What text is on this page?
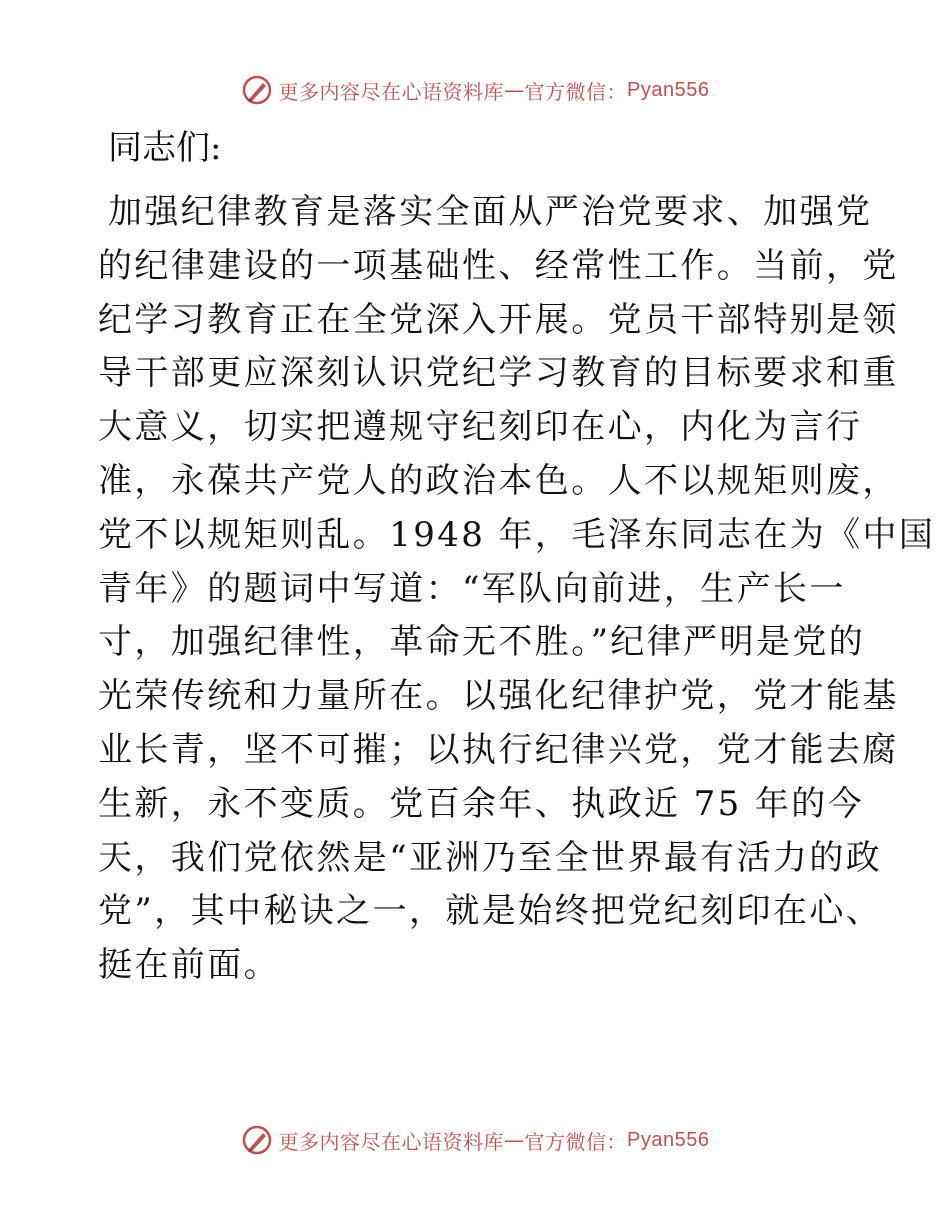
更多内容尽在心语资料库 — 官方微信： Pyan556
同志们:
加强纪律教育是落实全面从严治党要求、加强党
的纪律建设的一项基础性、经常性工作。当前，党
纪学习教育正在全党深入开展。党员干部特别是领
导干部更应深刻认识党纪学习教育的目标要求和重
大意义，切实把遵规守纪刻印在心，内化为言行
准，永葆共产党人的政治本色。人不以规矩则废，
党不以规矩则乱。1948 年，毛泽东同志在为《中国
青年》的题词中写道：“军队向前进，生产长一
寸，加强纪律性，革命无不胜。”纪律严明是党的
光荣传统和力量所在。以强化纪律护党，党才能基
业长青，坚不可摧；以执行纪律兴党，党才能去腐
生新，永不变质。党百余年、执政近 75 年的今
天，我们党依然是“亚洲乃至全世界最有活力的政
党”，其中秘诀之一，就是始终把党纪刻印在心、
挺在前面。
更多内容尽在心语资料库 — 官方微信： Pyan556
